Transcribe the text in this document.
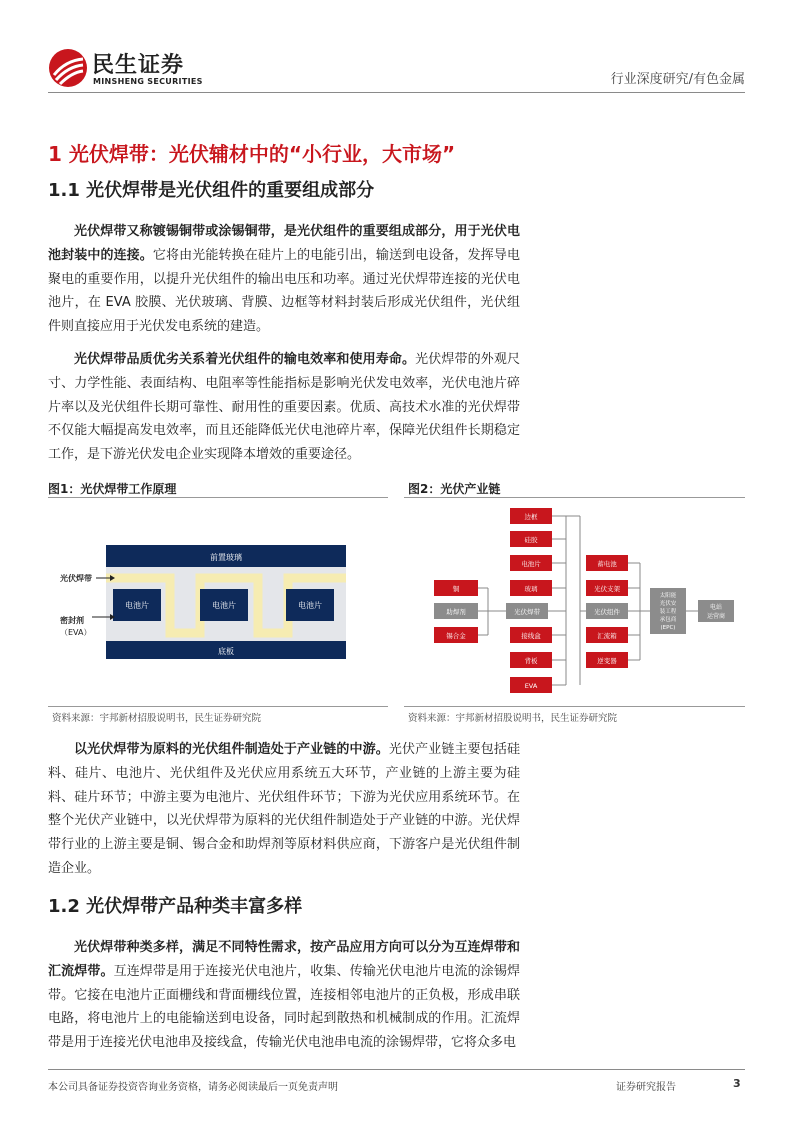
民生证券
MINSHENG SECURITIES	行业深度研究/有色金属
1 光伏焊带：光伏辅材中的“小行业，大市场”
1.1 光伏焊带是光伏组件的重要组成部分
光伏焊带又称镀锡铜带或涂锡铜带，是光伏组件的重要组成部分，用于光伏电池封装中的连接。它将由光能转换在硅片上的电能引出，输送到电设备，发挥导电聚电的重要作用，以提升光伏组件的输出电压和功率。通过光伏焊带连接的光伏电池片，在 EVA 胶膜、光伏玻璃、背膜、边框等材料封装后形成光伏组件，光伏组件则直接应用于光伏发电系统的建造。
光伏焊带品质优劣关系着光伏组件的输电效率和使用寿命。光伏焊带的外观尺寸、力学性能、表面结构、电阻率等性能指标是影响光伏发电效率，光伏电池片碎片率以及光伏组件长期可靠性、耐用性的重要因素。优质、高技术水准的光伏焊带不仅能大幅提高发电效率，而且还能降低光伏电池碎片率，保障光伏组件长期稳定工作，是下游光伏发电企业实现降本增效的重要途径。
图1：光伏焊带工作原理
前置玻璃
底板
电池片	电池片	电池片
光伏焊带
密封剂
（EVA）
资料来源：宇邦新材招股说明书，民生证券研究院
图2：光伏产业链
铜
助焊剂
锡合金
光伏焊带
边框
硅胶
电池片
玻璃
接线盒
背板
EVA
光伏组件
蓄电池
光伏支架
汇流箱
逆变器
太阳能
光伏安
装工程
承包商
(EPC)
电站
运营商
资料来源：宇邦新材招股说明书，民生证券研究院
以光伏焊带为原料的光伏组件制造处于产业链的中游。光伏产业链主要包括硅料、硅片、电池片、光伏组件及光伏应用系统五大环节，产业链的上游主要为硅料、硅片环节；中游主要为电池片、光伏组件环节；下游为光伏应用系统环节。在整个光伏产业链中，以光伏焊带为原料的光伏组件制造处于产业链的中游。光伏焊带行业的上游主要是铜、锡合金和助焊剂等原材料供应商，下游客户是光伏组件制造企业。
1.2 光伏焊带产品种类丰富多样
光伏焊带种类多样，满足不同特性需求，按产品应用方向可以分为互连焊带和汇流焊带。互连焊带是用于连接光伏电池片，收集、传输光伏电池片电流的涂锡焊带。它接在电池片正面栅线和背面栅线位置，连接相邻电池片的正负极，形成串联电路，将电池片上的电能输送到电设备，同时起到散热和机械制成的作用。汇流焊带是用于连接光伏电池串及接线盒，传输光伏电池串电流的涂锡焊带，它将众多电
本公司具备证券投资咨询业务资格，请务必阅读最后一页免责声明	证券研究报告	3
